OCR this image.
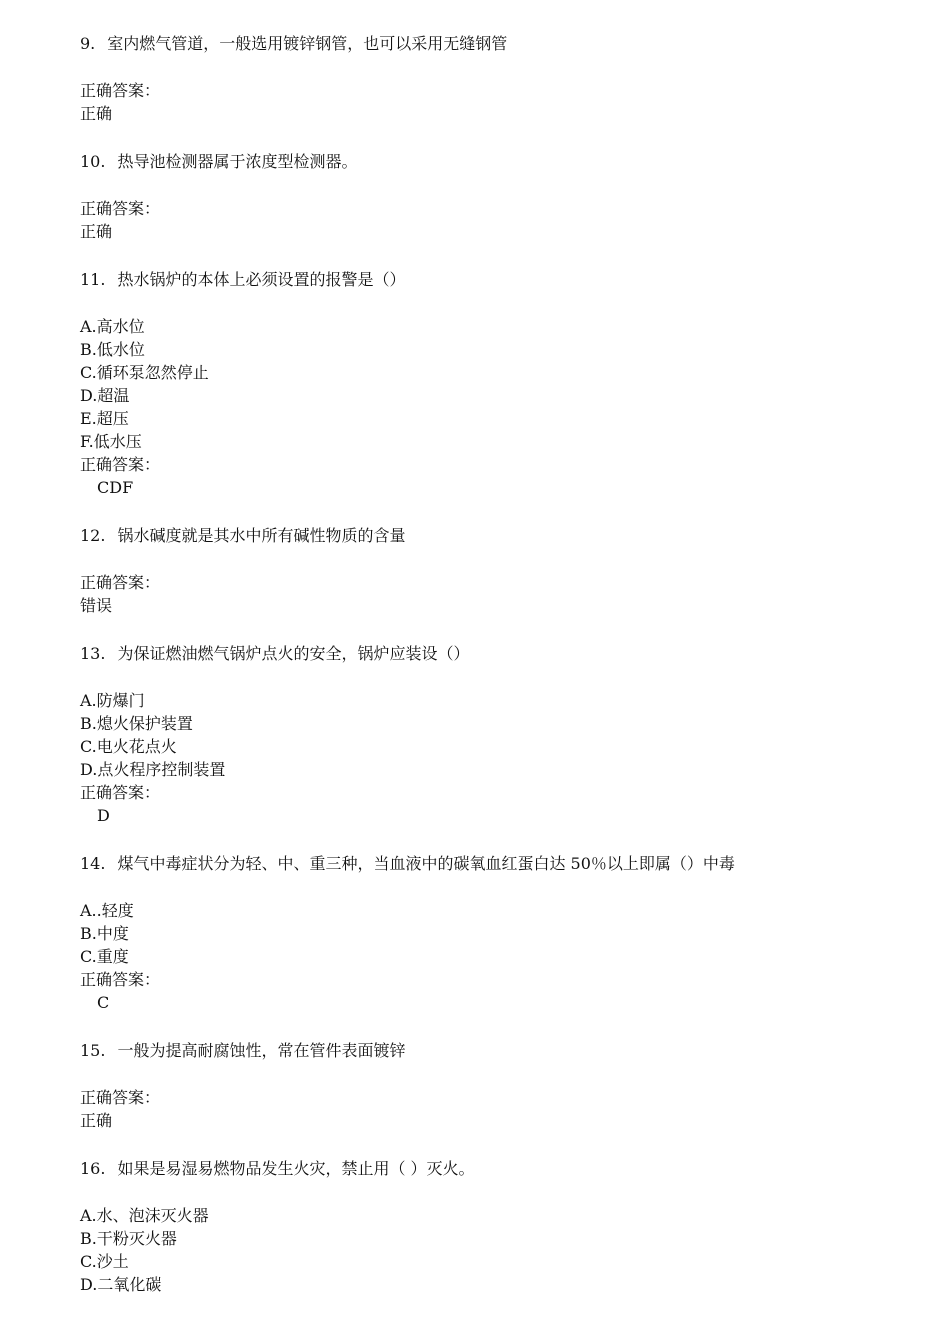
9. 室内燃气管道，一般选用镀锌钢管，也可以采用无缝钢管
正确答案：
正确
10. 热导池检测器属于浓度型检测器。
正确答案：
正确
11. 热水锅炉的本体上必须设置的报警是（）
A.高水位
B.低水位
C.循环泵忽然停止
D.超温
E.超压
F.低水压
正确答案：
CDF
12. 锅水碱度就是其水中所有碱性物质的含量
正确答案：
错误
13. 为保证燃油燃气锅炉点火的安全，锅炉应装设（）
A.防爆门
B.熄火保护装置
C.电火花点火
D.点火程序控制装置
正确答案：
D
14. 煤气中毒症状分为轻、中、重三种，当血液中的碳氧血红蛋白达 50％以上即属（）中毒
A..轻度
B.中度
C.重度
正确答案：
C
15. 一般为提高耐腐蚀性，常在管件表面镀锌
正确答案：
正确
16. 如果是易湿易燃物品发生火灾，禁止用（ ）灭火。
A.水、泡沫灭火器
B.干粉灭火器
C.沙土
D.二氧化碳
